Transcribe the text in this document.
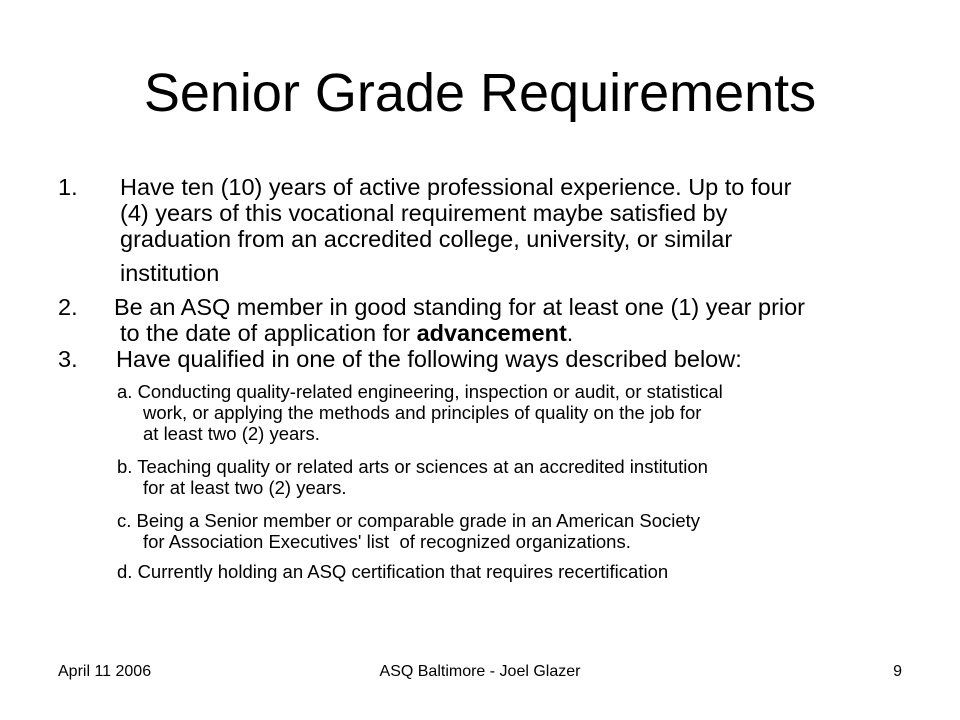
Senior Grade Requirements
1.	Have ten (10) years of active professional experience. Up to four
(4) years of this vocational requirement maybe satisfied by
graduation from an accredited college, university, or similar
institution
2.	Be an ASQ member in good standing for at least one (1) year prior
to the date of application for advancement.
3.	Have qualified in one of the following ways described below:
a. Conducting quality-related engineering, inspection or audit, or statistical
work, or applying the methods and principles of quality on the job for
at least two (2) years.
b. Teaching quality or related arts or sciences at an accredited institution
for at least two (2) years.
c. Being a Senior member or comparable grade in an American Society
for Association Executives' list  of recognized organizations.
d. Currently holding an ASQ certification that requires recertification
April 11 2006	ASQ Baltimore - Joel Glazer	9
